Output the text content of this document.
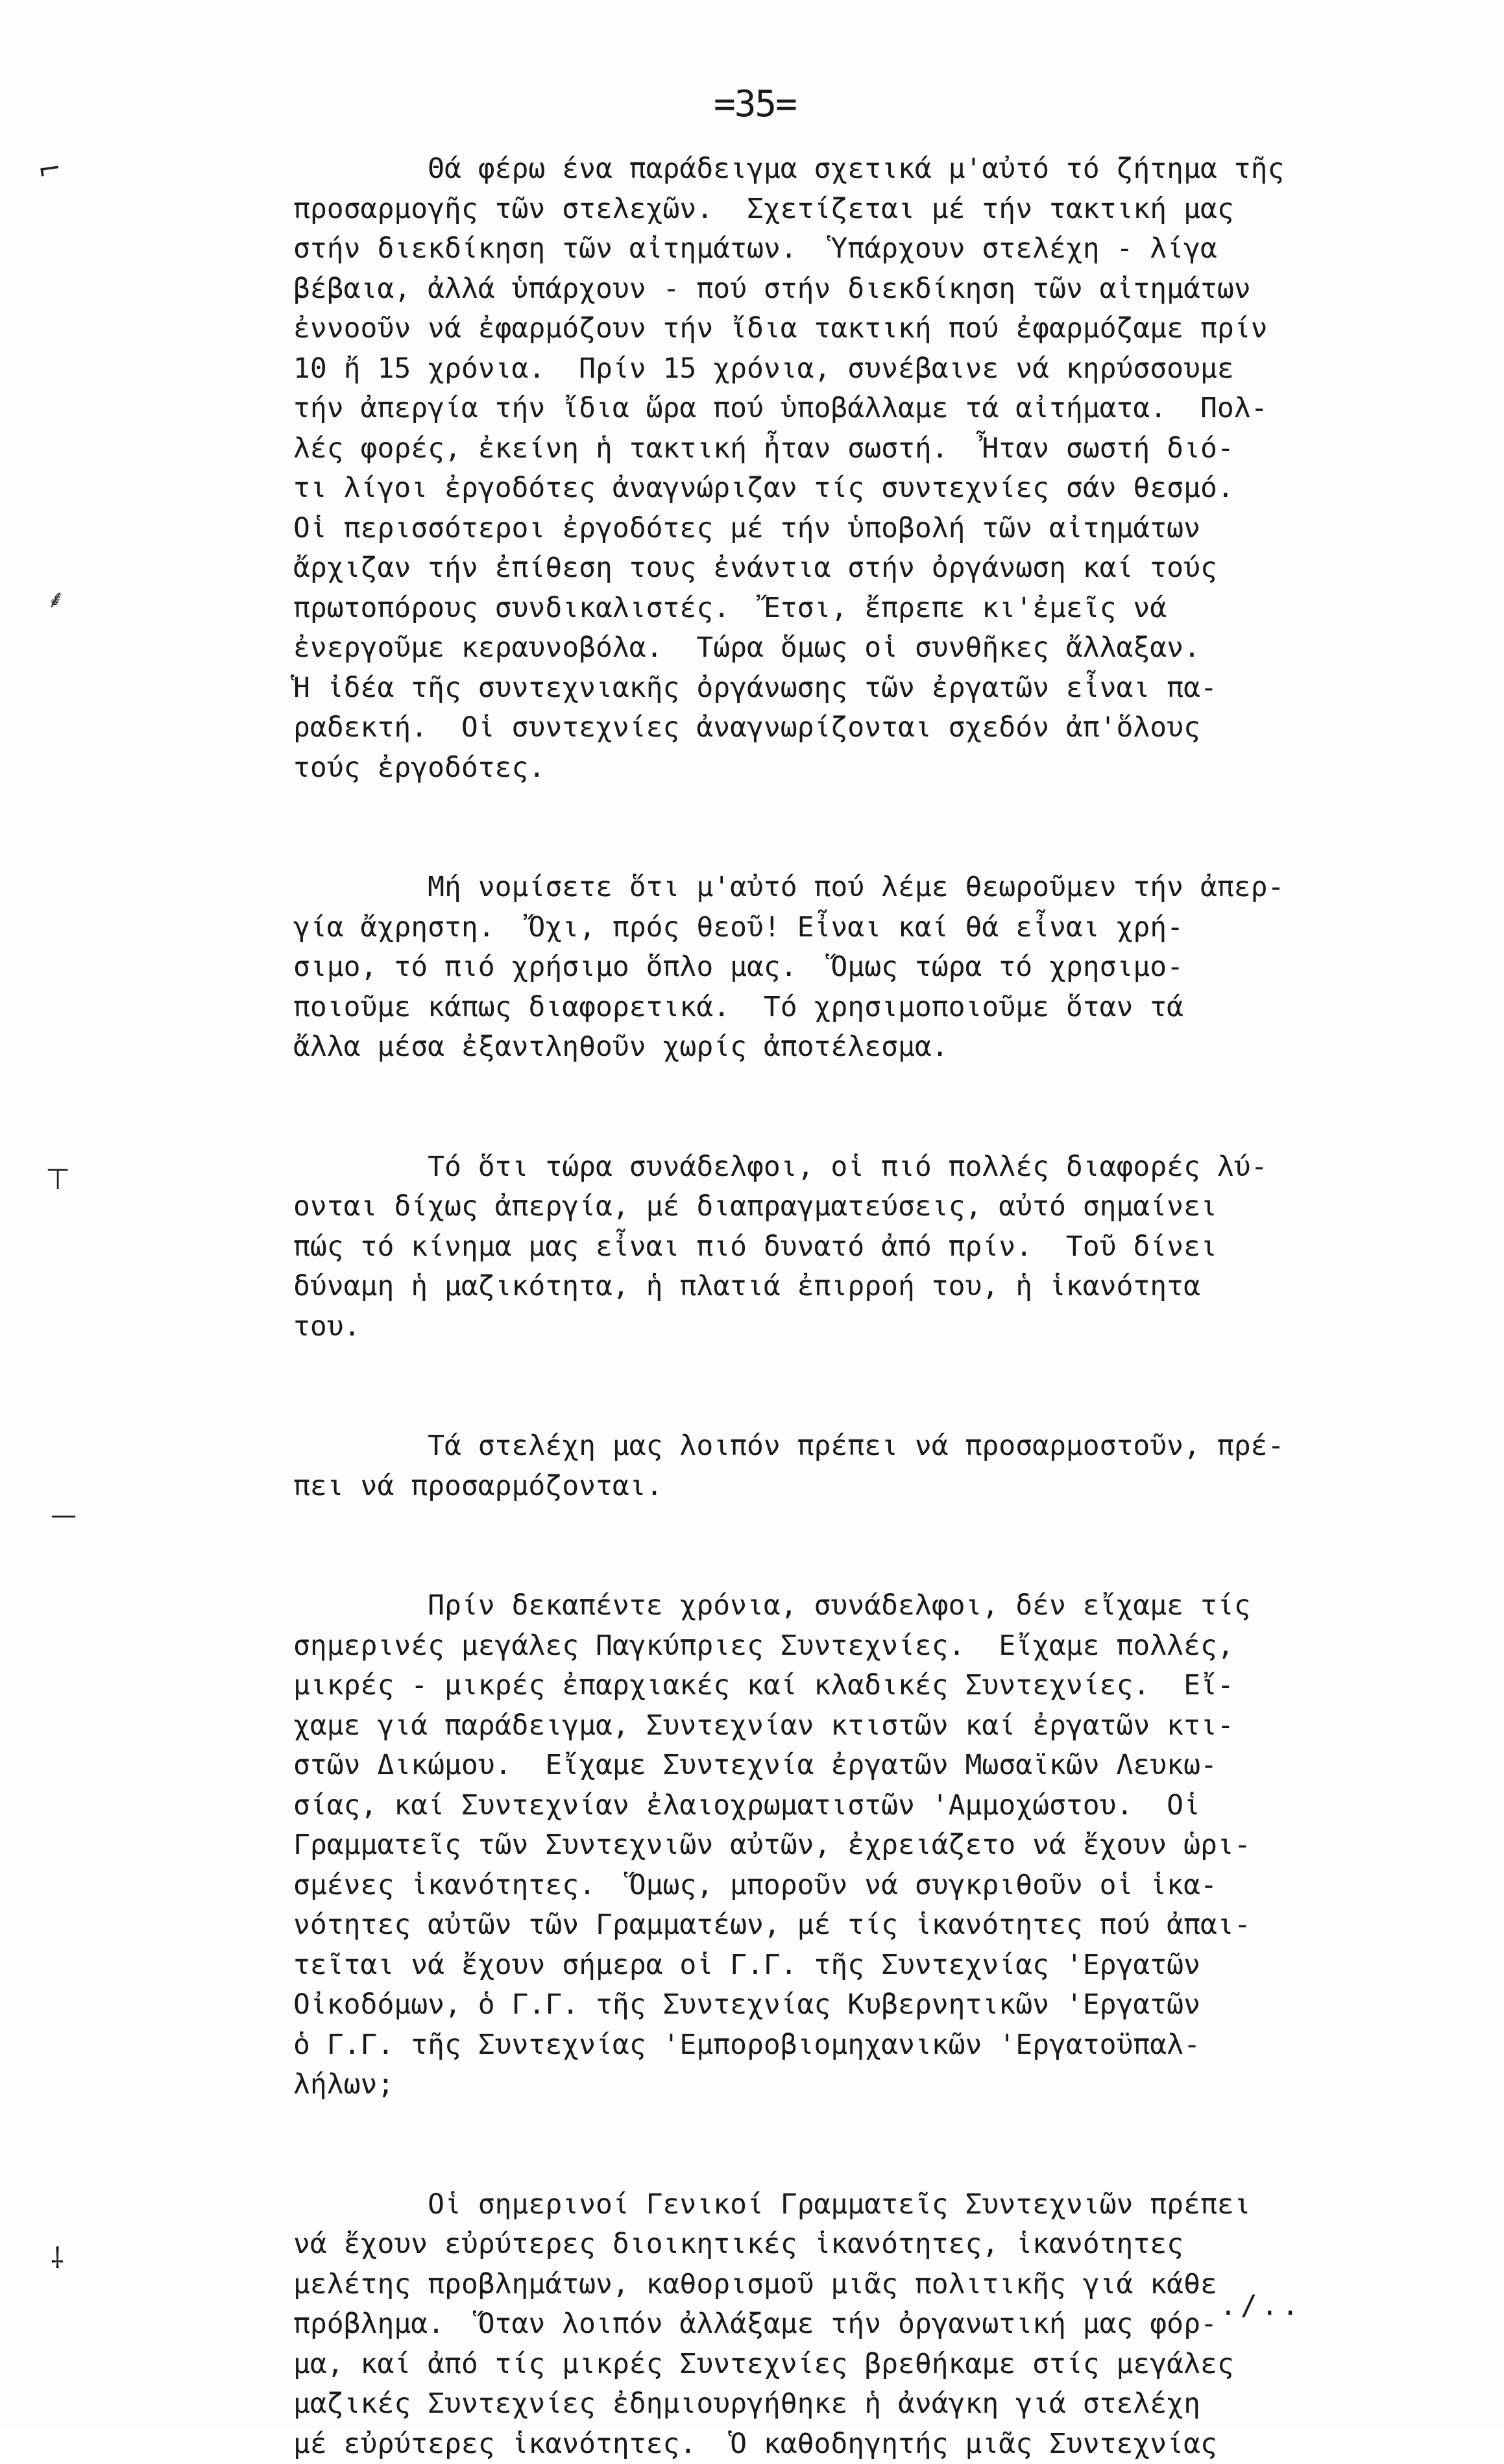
=35=
⌐
⸙
⊤
—
⸸
Θά φέρω ένα παράδειγμα σχετικά μ'αὐτό τό ζήτημα τῆς
προσαρμογῆς τῶν στελεχῶν.  Σχετίζεται μέ τήν τακτική μας
στήν διεκδίκηση τῶν αἰτημάτων.  Ὑπάρχουν στελέχη - λίγα
βέβαια, ἀλλά ὑπάρχουν - πού στήν διεκδίκηση τῶν αἰτημάτων
ἐννοοῦν νά ἐφαρμόζουν τήν ἴδια τακτική πού ἐφαρμόζαμε πρίν
10 ἤ 15 χρόνια.  Πρίν 15 χρόνια, συνέβαινε νά κηρύσσουμε
τήν ἀπεργία τήν ἴδια ὥρα πού ὑποβάλλαμε τά αἰτήματα.  Πολ-
λές φορές, ἐκείνη ἡ τακτική ἦταν σωστή.  Ἦταν σωστή διό-
τι λίγοι ἐργοδότες ἀναγνώριζαν τίς συντεχνίες σάν θεσμό.
Οἱ περισσότεροι ἐργοδότες μέ τήν ὑποβολή τῶν αἰτημάτων
ἄρχιζαν τήν ἐπίθεση τους ἐνάντια στήν ὀργάνωση καί τούς
πρωτοπόρους συνδικαλιστές.  Ἔτσι, ἔπρεπε κι'ἐμεῖς νά
ἐνεργοῦμε κεραυνοβόλα.  Τώρα ὅμως οἱ συνθῆκες ἄλλαξαν.
Ἡ ἰδέα τῆς συντεχνιακῆς ὀργάνωσης τῶν ἐργατῶν εἶναι πα-
ραδεκτή.  Οἱ συντεχνίες ἀναγνωρίζονται σχεδόν ἀπ'ὅλους
τούς ἐργοδότες.
Μή νομίσετε ὅτι μ'αὐτό πού λέμε θεωροῦμεν τήν ἀπερ-
γία ἄχρηστη.  Ὄχι, πρός θεοῦ! Εἶναι καί θά εἶναι χρή-
σιμο, τό πιό χρήσιμο ὅπλο μας.  Ὅμως τώρα τό χρησιμο-
ποιοῦμε κάπως διαφορετικά.  Τό χρησιμοποιοῦμε ὅταν τά
ἄλλα μέσα ἐξαντληθοῦν χωρίς ἀποτέλεσμα.
Τό ὅτι τώρα συνάδελφοι, οἱ πιό πολλές διαφορές λύ-
ονται δίχως ἀπεργία, μέ διαπραγματεύσεις, αὐτό σημαίνει
πώς τό κίνημα μας εἶναι πιό δυνατό ἀπό πρίν.  Τοῦ δίνει
δύναμη ἡ μαζικότητα, ἡ πλατιά ἐπιρροή του, ἡ ἱκανότητα
του.
Τά στελέχη μας λοιπόν πρέπει νά προσαρμοστοῦν, πρέ-
πει νά προσαρμόζονται.
Πρίν δεκαπέντε χρόνια, συνάδελφοι, δέν εἴχαμε τίς
σημερινές μεγάλες Παγκύπριες Συντεχνίες.  Εἴχαμε πολλές,
μικρές - μικρές ἐπαρχιακές καί κλαδικές Συντεχνίες.  Εἴ-
χαμε γιά παράδειγμα, Συντεχνίαν κτιστῶν καί ἐργατῶν κτι-
στῶν Δικώμου.  Εἴχαμε Συντεχνία ἐργατῶν Μωσαϊκῶν Λευκω-
σίας, καί Συντεχνίαν ἐλαιοχρωματιστῶν 'Αμμοχώστου.  Οἱ
Γραμματεῖς τῶν Συντεχνιῶν αὐτῶν, ἐχρειάζετο νά ἔχουν ὡρι-
σμένες ἱκανότητες.  Ὅμως, μποροῦν νά συγκριθοῦν οἱ ἱκα-
νότητες αὐτῶν τῶν Γραμματέων, μέ τίς ἱκανότητες πού ἀπαι-
τεῖται νά ἔχουν σήμερα οἱ Γ.Γ. τῆς Συντεχνίας 'Εργατῶν
Οἰκοδόμων, ὁ Γ.Γ. τῆς Συντεχνίας Κυβερνητικῶν 'Εργατῶν
ὁ Γ.Γ. τῆς Συντεχνίας 'Εμποροβιομηχανικῶν 'Εργατοϋπαλ-
λήλων;
Οἱ σημερινοί Γενικοί Γραμματεῖς Συντεχνιῶν πρέπει
νά ἔχουν εὐρύτερες διοικητικές ἱκανότητες, ἱκανότητες
μελέτης προβλημάτων, καθορισμοῦ μιᾶς πολιτικῆς γιά κάθε
πρόβλημα.  Ὅταν λοιπόν ἀλλάξαμε τήν ὀργανωτική μας φόρ-
μα, καί ἀπό τίς μικρές Συντεχνίες βρεθήκαμε στίς μεγάλες
μαζικές Συντεχνίες ἐδημιουργήθηκε ἡ ἀνάγκη γιά στελέχη
μέ εὐρύτερες ἱκανότητες.  Ὁ καθοδηγητής μιᾶς Συντεχνίας
./..
